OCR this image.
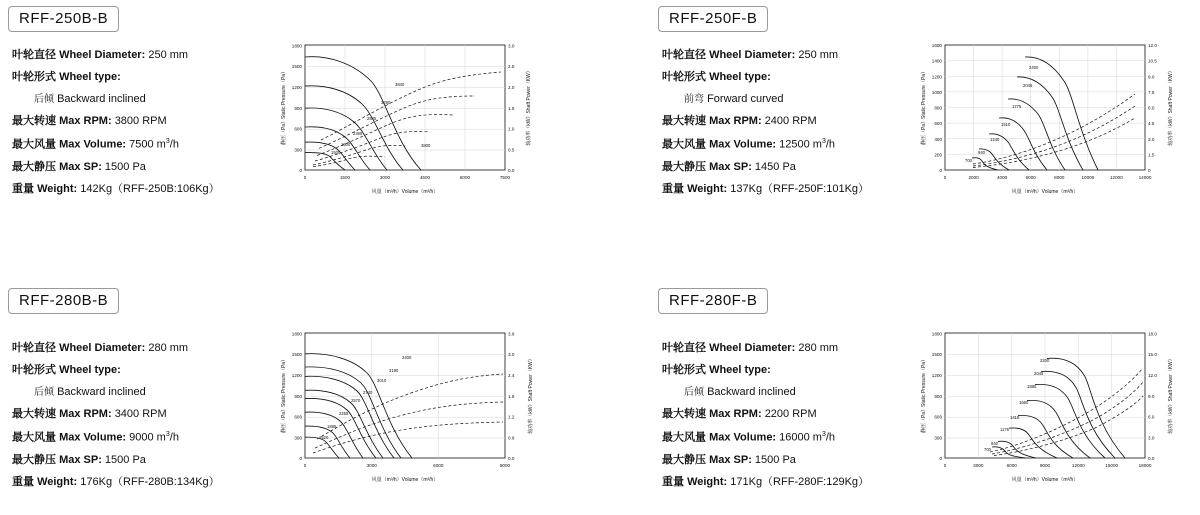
RFF-250B-B
叶轮直径 Wheel Diameter: 250 mm
叶轮形式 Wheel type:
后倾 Backward inclined
最大转速 Max RPM: 3800 RPM
最大风量 Max Volume: 7500 $m^3/h$
最大静压 Max SP: 1500 Pa
重量 Weight: 142Kg（RFF-250B:106Kg）
1500
1900
2365
2845
3290
3840
3800
0
300
600
900
1200
1500
1800
0.0
0.5
1.0
1.5
2.0
2.5
3.0
0	1500	3000	4500	6000	7500
风量（m³/h）Volume（m³/h）
静压（Pa）Static Pressure（Pa）	轴功率（kW）Shaft Power（KW）
RFF-250F-B
叶轮直径 Wheel Diameter: 250 mm
叶轮形式 Wheel type:
前弯 Forward curved
最大转速 Max RPM: 2400 RPM
最大风量 Max Volume: 12500 $m^3/h$
最大静压 Max SP: 1450 Pa
重量 Weight: 137Kg（RFF-250F:101Kg）
700
940
1240
1510
1775
2045
2400
0
200
400
600
800
1000
1200
1400
1600
0
1.5
3.0
4.5
6.0
7.5
9.0
10.5
12.0
0	2000	4000	6000	8000	10000	12000	14000
风量（m³/h）Volume（m³/h）
静压（Pa）Static Pressure（Pa）	轴功率（kW）Shaft Power（KW）
RFF-280B-B
叶轮直径 Wheel Diameter: 280 mm
叶轮形式 Wheel type:
后倾 Backward inclined
最大转速 Max RPM: 3400 RPM
最大风量 Max Volume: 9000 $m^3/h$
最大静压 Max SP: 1500 Pa
重量 Weight: 176Kg（RFF-280B:134Kg）
1520
1885
2255
2570
2740
3010
3180
3400
0
300
600
900
1200
1500
1800
0.0
0.6
1.2
1.8
2.4
3.0
3.6
0	3000	6000	9000
风量（m³/h）Volume（m³/h）
静压（Pa）Static Pressure（Pa）	轴功率（kW）Shaft Power（KW）
RFF-280F-B
叶轮直径 Wheel Diameter: 280 mm
叶轮形式 Wheel type:
后倾 Backward inclined
最大转速 Max RPM: 2200 RPM
最大风量 Max Volume: 16000 $m^3/h$
最大静压 Max SP: 1500 Pa
重量 Weight: 171Kg（RFF-280F:129Kg）
700
840
1175
1415
1660
1885
2045
2200
0
300
600
900
1200
1500
1800
0.0
3.0
6.0
9.0
12.0
15.0
18.0
0	3000	6000	9000	12000	15000	18000
风量（m³/h）Volume（m³/h）
静压（Pa）Static Pressure（Pa）	轴功率（kW）Shaft Power（KW）
